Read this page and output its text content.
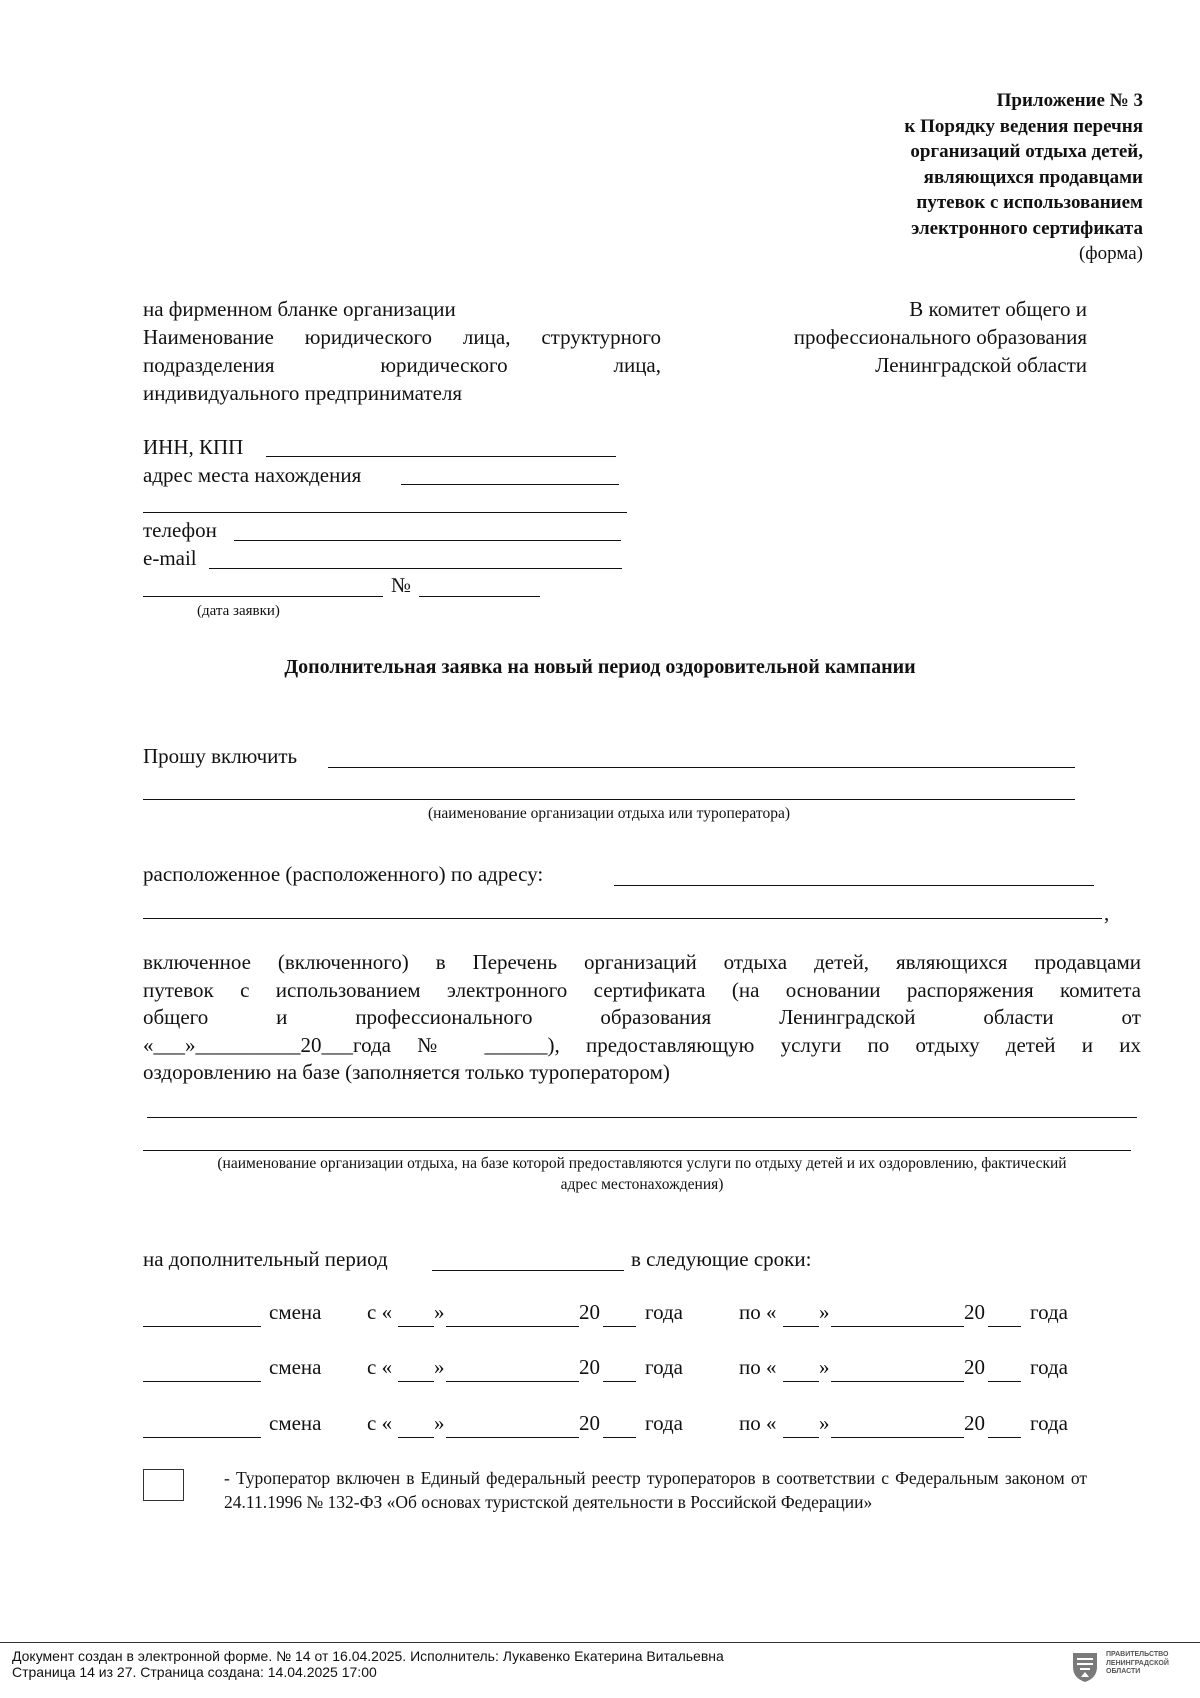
Приложение № 3
к Порядку ведения перечня
организаций отдыха детей,
являющихся продавцами
путевок с использованием
электронного сертификата
(форма)
на фирменном бланке организации
Наименование юридического лица, структурного
подразделения юридического лица,
индивидуального предпринимателя
В комитет общего и
профессионального образования
Ленинградской области
ИНН, КПП
адрес места нахождения
телефон
e-mail
№
(дата заявки)
Дополнительная заявка на новый период оздоровительной кампании
Прошу включить
(наименование организации отдыха или туроператора)
расположенное (расположенного) по адресу:
,
включенное (включенного) в Перечень организаций отдыха детей, являющихся продавцами
путевок с использованием электронного сертификата (на основании распоряжения комитета
общего	и	профессионального	образования	Ленинградской	области	от
«___»__________20___года № ______), предоставляющую услуги по отдыху детей и их
оздоровлению на базе (заполняется только туроператором)
(наименование организации отдыха, на базе которой предоставляются услуги по отдыху детей и их оздоровлению, фактический
адрес местонахождения)
на дополнительный период	в следующие сроки:
смена с « »	20 года	по « »	20 года
смена с « »	20 года	по « »	20 года
смена с « »	20 года	по « »	20 года
- Туроператор включен в Единый федеральный реестр туроператоров в соответствии с Федеральным законом от 24.11.1996 № 132-ФЗ «Об основах туристской деятельности в Российской Федерации»
Документ создан в электронной форме. № 14 от 16.04.2025. Исполнитель: Лукавенко Екатерина Витальевна
Страница 14 из 27. Страница создана: 14.04.2025 17:00
ПРАВИТЕЛЬСТВО
ЛЕНИНГРАДСКОЙ
ОБЛАСТИ
